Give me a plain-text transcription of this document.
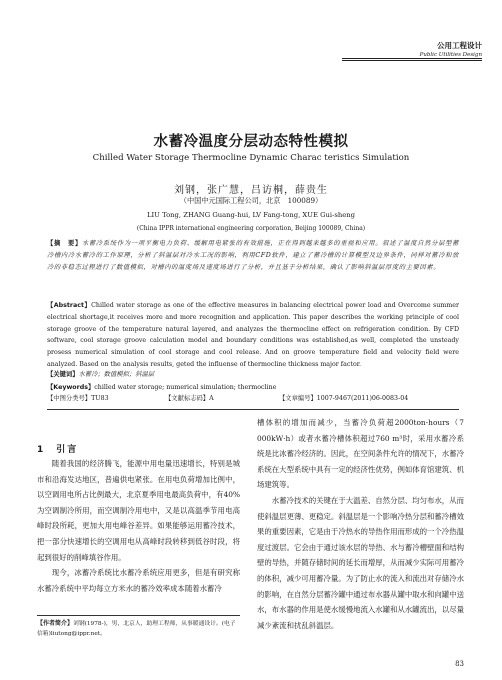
公用工程设计
Public Utilities Design
水蓄冷温度分层动态特性模拟
Chilled Water Storage Thermocline Dynamic Charac teristics Simulation
刘钢，张广慧，吕访桐，薛贵生
（中国中元国际工程公司，北京　100089）
LIU Tong, ZHANG Guang-hui, LV Fang-tong, XUE Gui-sheng
(China IPPR international engineering corporation, Beijing 100089, China)
【摘　要】水蓄冷系统作为一项平衡电力负荷、缓解用电紧张的有效措施，正在得到越来越多的重视和应用。叙述了温度自然分层型蓄冷槽内冷水蓄冷的工作原理，分析了斜温层对冷水工况的影响，利用CFD软件，建立了蓄冷槽的计算模型及边界条件，同样对蓄冷和放冷的非稳态过程进行了数值模拟，对槽内的温度场及速度场进行了分析，并且基于分析结果，确认了影响斜温层厚度的主要因素。
【Abstract】Chilled water storage as one of the effective measures in balancing electrical power load and Overcome summer electrical shortage,it receives more and more recognition and application. This paper describes the working principle of cool storage groove of the temperature natural layered, and analyzes the thermocline effect on refrigeration condition. By CFD software, cool storage groove calculation model and boundary conditions was established,as well, completed the unsteady prosess numerical simulation of cool storage and cool release. And on groove temperature field and velocity field were analyzed. Based on the analysis results, geted the influense of thermocline thickness major factor.
【关键词】水蓄冷；数值模拟；斜温层
【Keywords】chilled water storage; numerical simulation; thermocline
【中图分类号】TU83	【文献标志码】A	【文章编号】1007-9467(2011)06-0083-04

槽体积的增加而减少，当蓄冷负荷超2000ton-hours（7 000kW·h）或者水蓄冷槽体积超过760 m³时，采用水蓄冷系统是比冰蓄冷经济的。因此，在空间条件允许的情况下，水蓄冷系统在大型系统中具有一定的经济性优势，例如体育馆建筑、机场建筑等。

水蓄冷技术的关键在于大温差、自然分层、均匀布水，从而使斜温层更薄、更稳定。斜温层是一个影响冷热分层和蓄冷槽效果的重要因素，它是由于冷热水的导热作用而形成的一个冷热温度过渡层。它会由于通过该水层的导热、水与蓄冷槽壁面和结构壁的导热，并随存储时间的延长而增厚，从而减少实际可用蓄冷的体积，减少可用蓄冷量。为了防止水的流入和流出对存储冷水的影响，在自然分层蓄冷罐中通过布水器从罐中取水和向罐中送水，布水器的作用是使水缓慢地流入水罐和从水罐流出，以尽量减少紊流和扰乱斜温层。

1　引言

随着我国的经济腾飞，能源中用电量迅速增长，特别是城市和沿海发达地区，普遍供电紧张。在用电负荷增加比例中，以空调用电所占比例最大，北京夏季用电最高负荷中，有40%为空调制冷所用，而空调制冷用电中，又是以高温季节用电高峰时段所耗，更加大用电峰谷差异。如果能够运用蓄冷技术，把一部分快速增长的空调用电从高峰时段转移到低谷时段，将起到很好的削峰填谷作用。

现今，冰蓄冷系统比水蓄冷系统应用更多，但是有研究称水蓄冷系统中平均每立方米水的蓄冷效率成本随着水蓄冷

【作者简介】刘钢(1978-)，男，北京人，助理工程师，从事暖通设计。(电子信箱)liutong@ippr.net。
83
